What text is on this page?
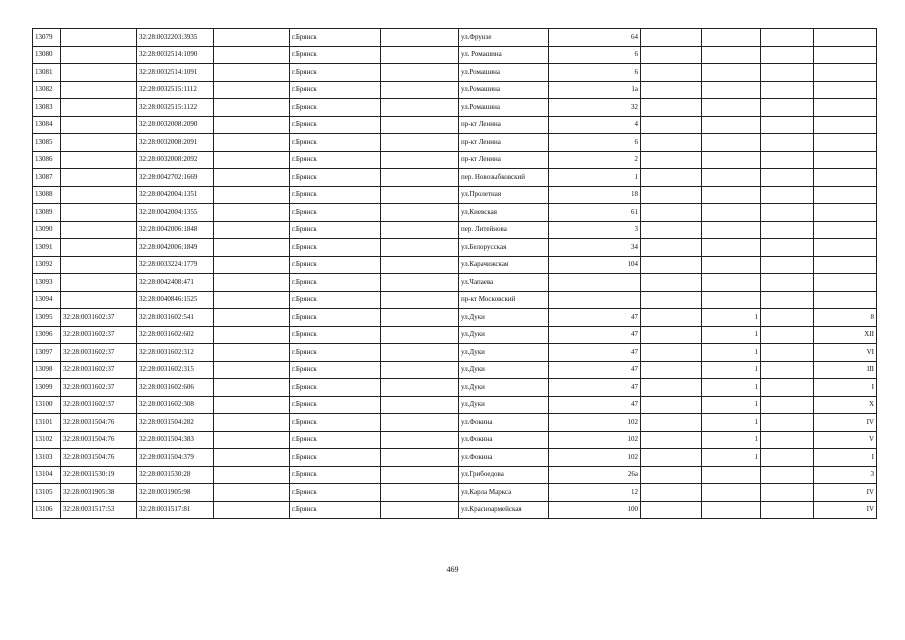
13079		32:28:0032203:3935		г.Брянск		ул.Фрунзе	64				
13080		32:28:0032514:1090		г.Брянск		ул. Ромашина	6				
13081		32:28:0032514:1091		г.Брянск		ул.Ромашина	6				
13082		32:28:0032515:1112		г.Брянск		ул.Ромашина	1а				
13083		32:28:0032515:1122		г.Брянск		ул.Ромашина	32				
13084		32:28:0032008:2090		г.Брянск		пр-кт Ленина	4				
13085		32:28:0032008:2091		г.Брянск		пр-кт Ленина	6				
13086		32:28:0032008:2092		г.Брянск		пр-кт Ленина	2				
13087		32:28:0042702:1669		г.Брянск		пер. Новозыбковский	1				
13088		32:28:0042004:1351		г.Брянск		ул.Пролетная	18				
13089		32:28:0042004:1355		г.Брянск		ул.Киевская	61				
13090		32:28:0042006:1848		г.Брянск		пер. Литейнова	3				
13091		32:28:0042006:1849		г.Брянск		ул.Белорусская	34				
13092		32:28:0033224:1779		г.Брянск		ул.Карачижская	104				
13093		32:28:0042408:471		г.Брянск		ул.Чапаева					
13094		32:28:0040846:1525		г.Брянск		пр-кт Московский					
13095	32:28:0031602:37	32:28:0031602:541		г.Брянск		ул.Дуки	47		1		8
13096	32:28:0031602:37	32:28:0031602:602		г.Брянск		ул.Дуки	47		1		XII
13097	32:28:0031602:37	32:28:0031602:312		г.Брянск		ул.Дуки	47		1		VI
13098	32:28:0031602:37	32:28:0031602:315		г.Брянск		ул.Дуки	47		1		III
13099	32:28:0031602:37	32:28:0031602:606		г.Брянск		ул.Дуки	47		1		I
13100	32:28:0031602:37	32:28:0031602:308		г.Брянск		ул.Дуки	47		1		X
13101	32:28:0031504:76	32:28:0031504:282		г.Брянск		ул.Фокина	102		1		IV
13102	32:28:0031504:76	32:28:0031504:383		г.Брянск		ул.Фокина	102		1		V
13103	32:28:0031504:76	32:28:0031504:379		г.Брянск		ул.Фокина	102		1		I
13104	32:28:0031530:19	32:28:0031530:28		г.Брянск		ул.Грибоедова	26а				3
13105	32:28:0031905:38	32:28:0031905:98		г.Брянск		ул.Карла Маркса	12				IV
13106	32:28:0031517:53	32:28:0031517:81		г.Брянск		ул.Красноармейская	100				IV
469
